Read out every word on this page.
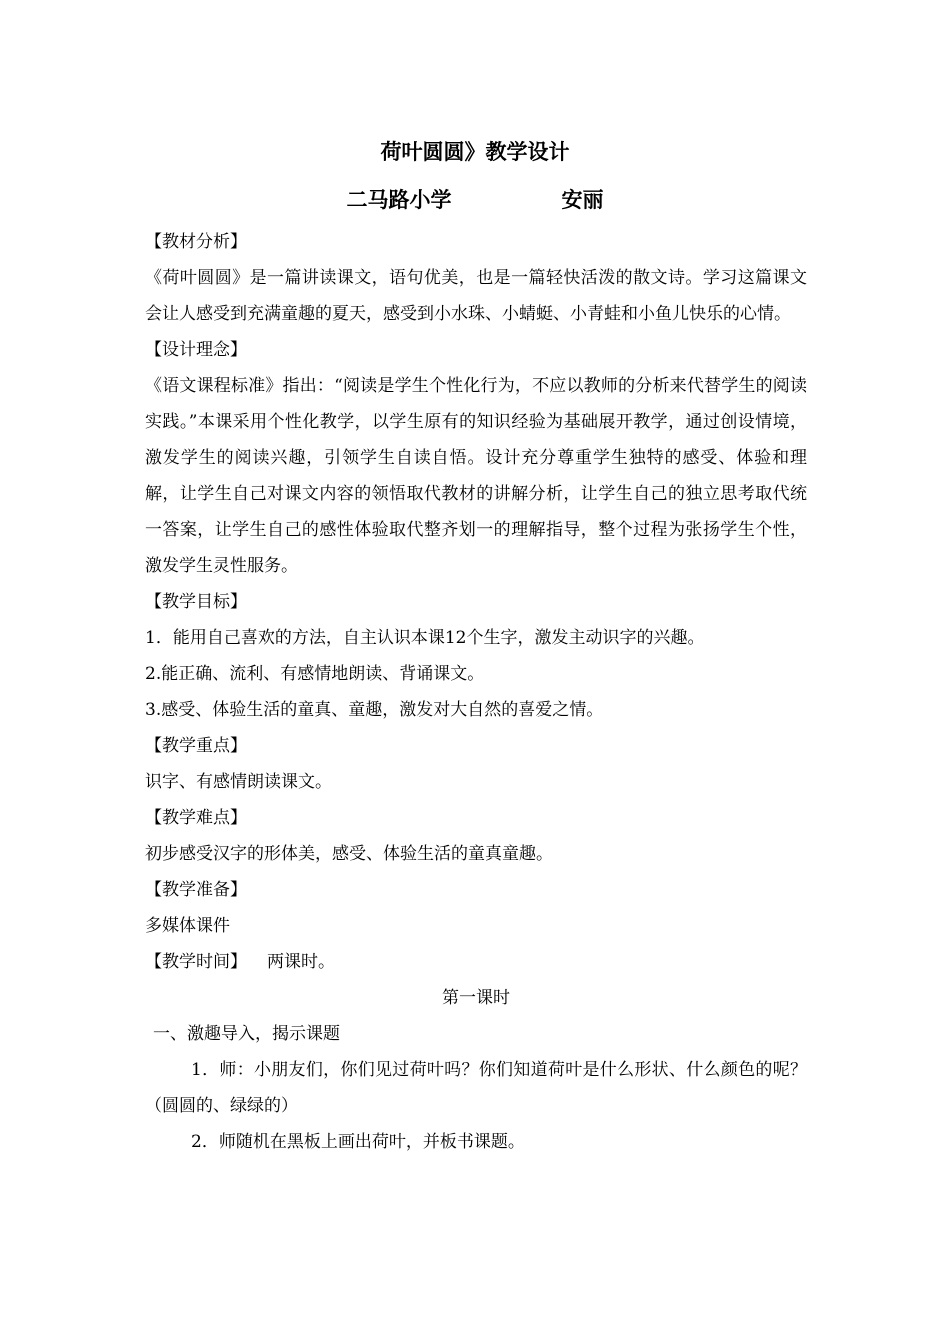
荷叶圆圆》教学设计
二马路小学	安丽
【教材分析】
《荷叶圆圆》是一篇讲读课文，语句优美，也是一篇轻快活泼的散文诗。学习这篇课文会让人感受到充满童趣的夏天，感受到小水珠、小蜻蜓、小青蛙和小鱼儿快乐的心情。
【设计理念】
《语文课程标准》指出：“阅读是学生个性化行为，不应以教师的分析来代替学生的阅读实践。”本课采用个性化教学，以学生原有的知识经验为基础展开教学，通过创设情境，激发学生的阅读兴趣，引领学生自读自悟。设计充分尊重学生独特的感受、体验和理解，让学生自己对课文内容的领悟取代教材的讲解分析，让学生自己的独立思考取代统一答案，让学生自己的感性体验取代整齐划一的理解指导，整个过程为张扬学生个性，激发学生灵性服务。
【教学目标】
1．能用自己喜欢的方法，自主认识本课12个生字，激发主动识字的兴趣。
2.能正确、流利、有感情地朗读、背诵课文。
3.感受、体验生活的童真、童趣，激发对大自然的喜爱之情。
【教学重点】
识字、有感情朗读课文。
【教学难点】
初步感受汉字的形体美，感受、体验生活的童真童趣。
【教学准备】
多媒体课件
【教学时间】 两课时。
第一课时
一、激趣导入，揭示课题
1．师：小朋友们，你们见过荷叶吗？你们知道荷叶是什么形状、什么颜色的呢？（圆圆的、绿绿的）
2．师随机在黑板上画出荷叶，并板书课题。
